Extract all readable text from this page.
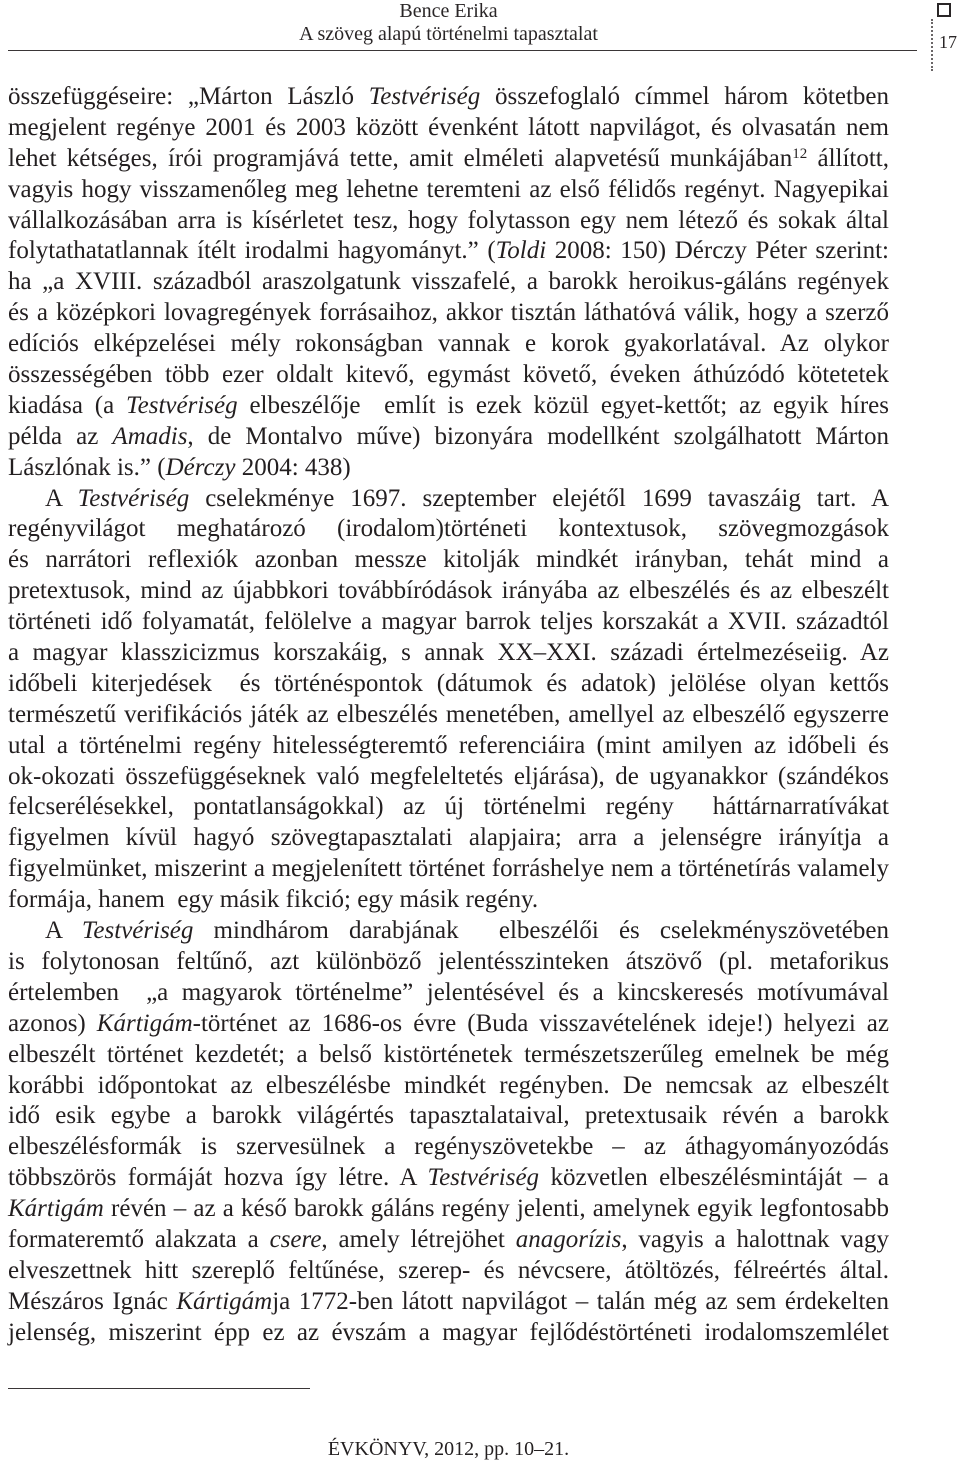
Bence Erika
A szöveg alapú történelmi tapasztalat	17
összefüggéseire: „Márton László Testvériség összefoglaló címmel három kötetben
megjelent regénye 2001 és 2003 között évenként látott napvilágot, és olvasatán nem
lehet kétséges, írói programjává tette, amit elméleti alapvetésű munkájában$^{12}$ állított,
vagyis hogy visszamenőleg meg lehetne teremteni az első félidős regényt. Nagyepikai
vállalkozásában arra is kísérletet tesz, hogy folytasson egy nem létező és sokak által
folytathatatlannak ítélt irodalmi hagyományt.” (Toldi 2008: 150) Dérczy Péter szerint:
ha „a XVIII. századból araszolgatunk visszafelé, a barokk heroikus-gáláns regények
és a középkori lovagregények forrásaihoz, akkor tisztán láthatóvá válik, hogy a szerző
edíciós elképzelései mély rokonságban vannak e korok gyakorlatával. Az olykor
összességében több ezer oldalt kitevő, egymást követő, éveken áthúzódó kötetetek
kiadása (a Testvériség elbeszélője  említ is ezek közül egyet-kettőt; az egyik híres
példa az Amadis, de Montalvo műve) bizonyára modellként szolgálhatott Márton
Lászlónak is.” (Dérczy 2004: 438)
A Testvériség cselekménye 1697. szeptember elejétől 1699 tavaszáig tart. A
regényvilágot meghatározó (irodalom)történeti kontextusok, szövegmozgások
és narrátori reflexiók azonban messze kitolják mindkét irányban, tehát mind a
pretextusok, mind az újabbkori továbbíródások irányába az elbeszélés és az elbeszélt
történeti idő folyamatát, felölelve a magyar barrok teljes korszakát a XVII. századtól
a magyar klasszicizmus korszakáig, s annak XX–XXI. századi értelmezéseiig. Az
időbeli kiterjedések  és történéspontok (dátumok és adatok) jelölése olyan kettős
természetű verifikációs játék az elbeszélés menetében, amellyel az elbeszélő egyszerre
utal a történelmi regény hitelességteremtő referenciáira (mint amilyen az időbeli és
ok-okozati összefüggéseknek való megfeleltetés eljárása), de ugyanakkor (szándékos
felcserélésekkel, pontatlanságokkal) az új történelmi regény  háttárnarratívákat
figyelmen kívül hagyó szövegtapasztalati alapjaira; arra a jelenségre irányítja a
figyelmünket, miszerint a megjelenített történet forráshelye nem a történetírás valamely
formája, hanem  egy másik fikció; egy másik regény.
A Testvériség mindhárom darabjának  elbeszélői és cselekményszövetében
is folytonosan feltűnő, azt különböző jelentésszinteken átszövő (pl. metaforikus
értelemben  „a magyarok történelme” jelentésével és a kincskeresés motívumával
azonos) Kártigám-történet az 1686-os évre (Buda visszavételének ideje!) helyezi az
elbeszélt történet kezdetét; a belső kistörténetek természetszerűleg emelnek be még
korábbi időpontokat az elbeszélésbe mindkét regényben. De nemcsak az elbeszélt
idő esik egybe a barokk világértés tapasztalataival, pretextusaik révén a barokk
elbeszélésformák is szervesülnek a regényszövetekbe – az áthagyományozódás
többszörös formáját hozva így létre. A Testvériség közvetlen elbeszélésmintáját – a
Kártigám révén – az a késő barokk gáláns regény jelenti, amelynek egyik legfontosabb
formateremtő alakzata a csere, amely létrejöhet anagorízis, vagyis a halottnak vagy
elveszettnek hitt szereplő feltűnése, szerep- és névcsere, átöltözés, félreértés által.
Mészáros Ignác Kártigámja 1772-ben látott napvilágot – talán még az sem érdekelten
jelenség, miszerint épp ez az évszám a magyar fejlődéstörténeti irodalomszemlélet
ÉVKÖNYV, 2012, pp. 10–21.
